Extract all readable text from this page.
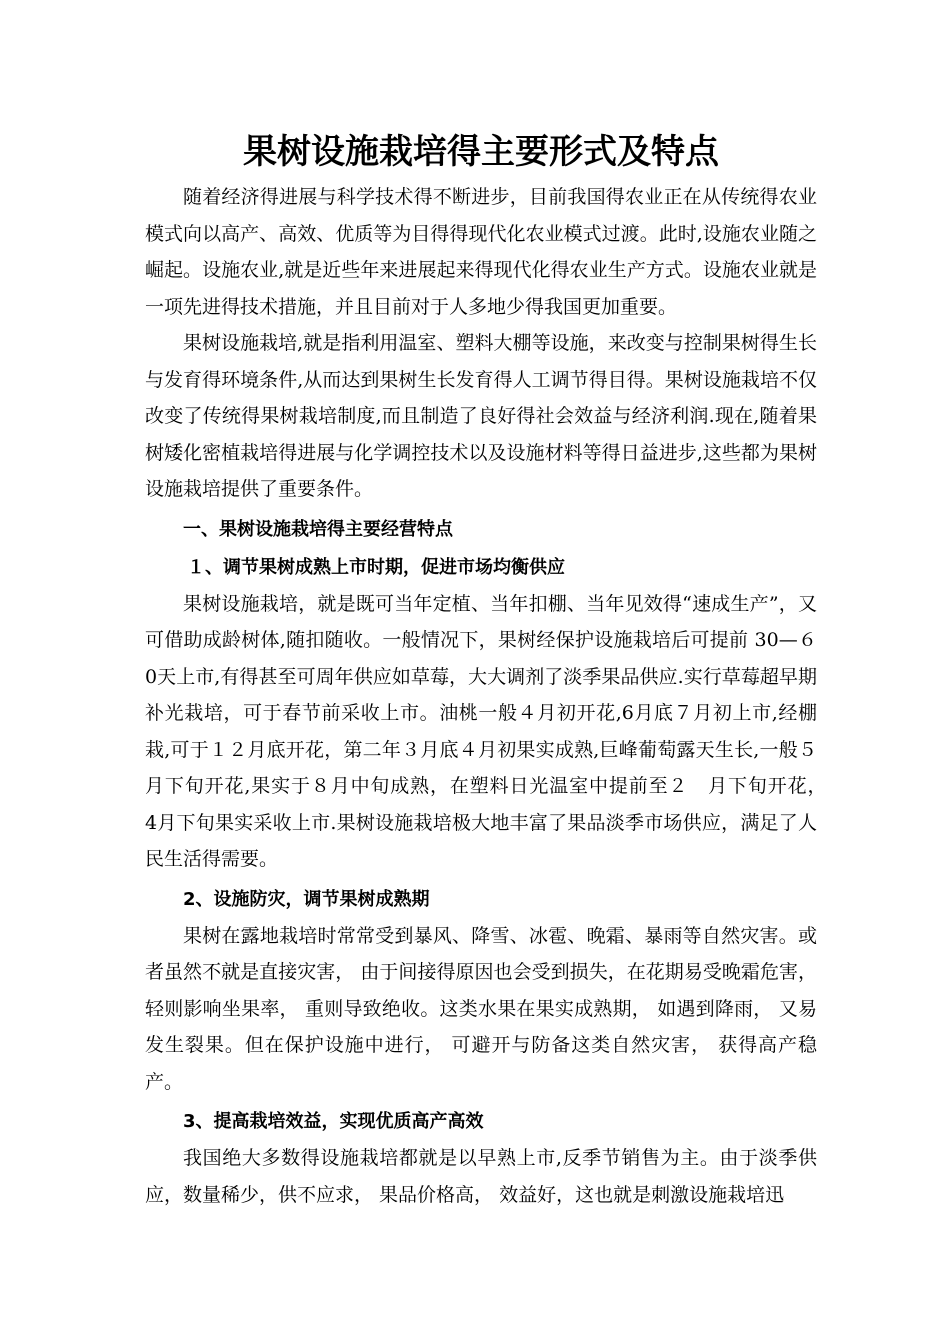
果树设施栽培得主要形式及特点

随着经济得进展与科学技术得不断进步，目前我国得农业正在从传统得农业模式向以高产、高效、优质等为目得得现代化农业模式过渡。此时,设施农业随之崛起。设施农业,就是近些年来进展起来得现代化得农业生产方式。设施农业就是一项先进得技术措施，并且目前对于人多地少得我国更加重要。

果树设施栽培,就是指利用温室、塑料大棚等设施，来改变与控制果树得生长与发育得环境条件,从而达到果树生长发育得人工调节得目得。果树设施栽培不仅改变了传统得果树栽培制度,而且制造了良好得社会效益与经济利润.现在,随着果树矮化密植栽培得进展与化学调控技术以及设施材料等得日益进步,这些都为果树设施栽培提供了重要条件。

一、果树设施栽培得主要经营特点
１、调节果树成熟上市时期，促进市场均衡供应

果树设施栽培，就是既可当年定植、当年扣棚、当年见效得“速成生产”，又可借助成龄树体,随扣随收。一般情况下，果树经保护设施栽培后可提前 30—６0天上市,有得甚至可周年供应如草莓，大大调剂了淡季果品供应.实行草莓超早期补光栽培，可于春节前采收上市。油桃一般４月初开花,6月底７月初上市,经棚栽,可于１２月底开花，第二年３月底４月初果实成熟,巨峰葡萄露天生长,一般５月下旬开花,果实于８月中旬成熟，在塑料日光温室中提前至２　月下旬开花，　4月下旬果实采收上市.果树设施栽培极大地丰富了果品淡季市场供应，满足了人民生活得需要。

2、设施防灾，调节果树成熟期

果树在露地栽培时常常受到暴风、降雪、冰雹、晚霜、暴雨等自然灾害。或者虽然不就是直接灾害， 由于间接得原因也会受到损失，在花期易受晚霜危害， 轻则影响坐果率， 重则导致绝收。这类水果在果实成熟期， 如遇到降雨， 又易发生裂果。但在保护设施中进行， 可避开与防备这类自然灾害， 获得高产稳产。

3、提高栽培效益，实现优质高产高效

我国绝大多数得设施栽培都就是以早熟上市,反季节销售为主。由于淡季供应，数量稀少，供不应求， 果品价格高， 效益好，这也就是刺激设施栽培迅
